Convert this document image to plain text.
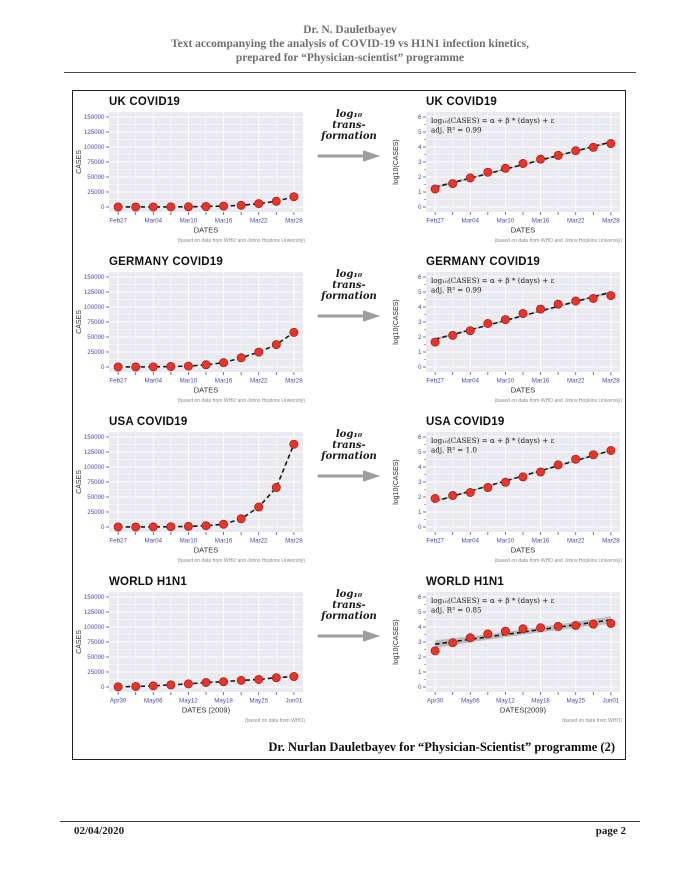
Dr. N. Dauletbayev
Text accompanying the analysis of COVID-19 vs H1N1 infection kinetics,
prepared for “Physician-scientist” programme
UK COVID19
0
25000
50000
75000
100000
125000
150000
Feb27	Mar04	Mar10	Mar16	Mar22	Mar28
DATES
CASES
(based on data from WHO and Johns Hopkins University)
log₁₀
trans-
formation
UK COVID19
0
1
2
3
4
5
6
Feb27	Mar04	Mar10	Mar16	Mar22	Mar28
DATES
log10(CASES)
log₁₀(CASES) = α + β * (days) + ε
adj. R² = 0.99
(based on data from WHO and Johns Hopkins University)
GERMANY COVID19
0
25000
50000
75000
100000
125000
150000
Feb27	Mar04	Mar10	Mar16	Mar22	Mar28
DATES
CASES
(based on data from WHO and Johns Hopkins University)
log₁₀
trans-
formation
GERMANY COVID19
0
1
2
3
4
5
6
Feb27	Mar04	Mar10	Mar16	Mar22	Mar28
DATES
log10(CASES)
log₁₀(CASES) = α + β * (days) + ε
adj. R² = 0.99
(based on data from WHO and Johns Hopkins University)
USA COVID19
0
25000
50000
75000
100000
125000
150000
Feb27	Mar04	Mar10	Mar16	Mar22	Mar28
DATES
CASES
(based on data from WHO and Johns Hopkins University)
log₁₀
trans-
formation
USA COVID19
0
1
2
3
4
5
6
Feb27	Mar04	Mar10	Mar16	Mar22	Mar28
DATES
log10(CASES)
log₁₀(CASES) = α + β * (days) + ε
adj. R² = 1.0
(based on data from WHO and Johns Hopkins University)
WORLD H1N1
0
25000
50000
75000
100000
125000
150000
Apr30	May06	May12	May18	May25	Jun01
DATES (2009)
CASES
(based on data from WHO)
log₁₀
trans-
formation
WORLD H1N1
0
1
2
3
4
5
6
Apr30	May06	May12	May18	May25	Jun01
DATES(2009)
log10(CASES)
log₁₀(CASES) = α + β * (days) + ε
adj. R² = 0.85
(based on data from WHO)
Dr. Nurlan Dauletbayev for “Physician-Scientist” programme (2)
02/04/2020	page 2
